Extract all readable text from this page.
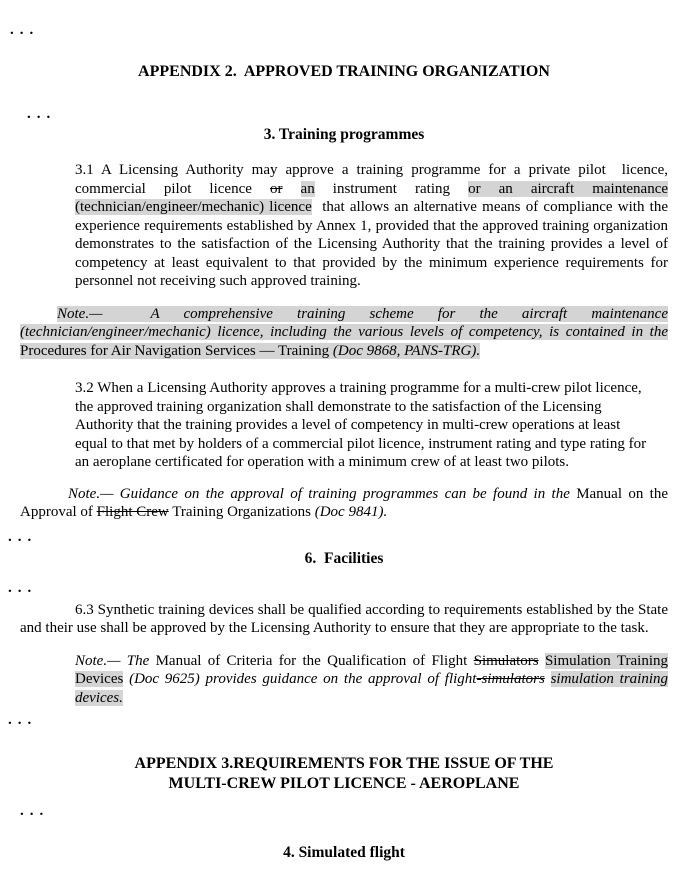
...
APPENDIX 2.  APPROVED TRAINING ORGANIZATION
...
3. Training programmes
3.1 A Licensing Authority may approve a training programme for a private pilot  licence, commercial pilot licence or an instrument rating or an aircraft maintenance (technician/engineer/mechanic) licence  that allows an alternative means of compliance with the experience requirements established by Annex 1, provided that the approved training organization demonstrates to the satisfaction of the Licensing Authority that the training provides a level of competency at least equivalent to that provided by the minimum experience requirements for personnel not receiving such approved training.
Note.—  A comprehensive training scheme for the aircraft maintenance (technician/engineer/mechanic) licence, including the various levels of competency, is contained in the Procedures for Air Navigation Services — Training (Doc 9868, PANS-TRG).
3.2 When a Licensing Authority approves a training programme for a multi-crew pilot licence, the approved training organization shall demonstrate to the satisfaction of the Licensing Authority that the training provides a level of competency in multi-crew operations at least equal to that met by holders of a commercial pilot licence, instrument rating and type rating for an aeroplane certificated for operation with a minimum crew of at least two pilots.
Note.— Guidance on the approval of training programmes can be found in the Manual on the Approval of Flight Crew Training Organizations (Doc 9841).
...
6.  Facilities
...
6.3 Synthetic training devices shall be qualified according to requirements established by the State and their use shall be approved by the Licensing Authority to ensure that they are appropriate to the task.
Note.— The Manual of Criteria for the Qualification of Flight Simulators Simulation Training Devices (Doc 9625) provides guidance on the approval of flight-simulators simulation training devices.
...
APPENDIX 3.REQUIREMENTS FOR THE ISSUE OF THE
MULTI-CREW PILOT LICENCE - AEROPLANE
...
4. Simulated flight
